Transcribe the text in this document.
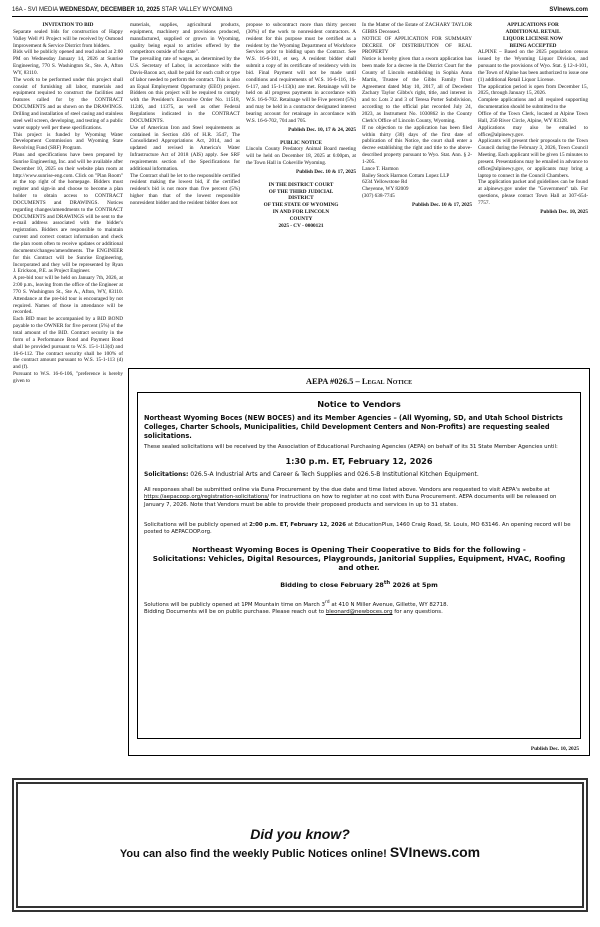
16A - SVI MEDIA WEDNESDAY, DECEMBER 10, 2025 STAR VALLEY WYOMING	SVInews.com

INVITATION TO BID

Separate sealed bids for construction of Happy Valley Well #1 Project will be received by Osmond Improvement & Service District from bidders.

Bids will be publicly opened and read aloud at 2:00 PM on Wednesday January 14, 2026 at Sunrise Engineering, 770 S. Washington St., Ste. A, Afton WY, 83110.

The work to be performed under this project shall consist of furnishing all labor, materials and equipment required to construct the facilities and features called for by the CONTRACT DOCUMENTS and as shown on the DRAWINGS. Drilling and installation of steel casing and stainless steel well screen, developing, and testing of a public water supply well per these specifications.

This project is funded by Wyoming Water Development Commission and Wyoming State Revolving Fund (SRF) Program.

Plans and specifications have been prepared by Sunrise Engineering, Inc. and will be available after December 10, 2025 on their website plan room at http://www.sunrise-eng.com. Click on "Plan Room" at the top right of the homepage. Bidders must register and sign-in and choose to become a plan holder to obtain access to CONTRACT DOCUMENTS and DRAWINGS. Notices regarding changes/amendments to the CONTRACT DOCUMENTS and DRAWINGS will be sent to the e-mail address associated with the bidder's registration. Bidders are responsible to maintain current and correct contact information and check the plan room often to receive updates or additional documents/changes/amendments. The ENGINEER for this Contract will be Sunrise Engineering, Incorporated and they will be represented by Ryan J. Erickson, P.E. as Project Engineer.

A pre-bid tour will be held on January 7th, 2026, at 2:00 p.m., leaving from the office of the Engineer at 770 S. Washington St., Ste A., Afton, WY, 83110. Attendance at the pre-bid tour is encouraged by not required. Names of those in attendance will be recorded.

Each BID must be accompanied by a BID BOND payable to the OWNER for five percent (5%) of the total amount of the BID. Contract security in the form of a Performance Bond and Payment Bond shall be provided pursuant to W.S. 15-1-113(d) and 16-6-112. The contract security shall be 100% of the contract amount pursuant to W.S. 15-1-113 (d) and (f).

Pursuant to W.S. 16-6-106, "preference is hereby given to

materials, supplies, agricultural products, equipment, machinery and provisions produced, manufactured, supplied or grown in Wyoming, quality being equal to articles offered by the competitors outside of the state".

The prevailing rate of wages, as determined by the U.S. Secretary of Labor, in accordance with the Davis-Bacon act, shall be paid for each craft or type of labor needed to perform the contract. This is also an Equal Employment Opportunity (EEO) project. Bidders on this project will be required to comply with the President's Executive Order No. 11518, 11246, and 11375, as well as other Federal Regulations indicated in the CONTRACT DOCUMENTS.

Use of American Iron and Steel requirements as contained in Section 436 of H.R. 3547, The Consolidated Appropriations Act, 2014, and as updated and revised in America's Water Infrastructure Act of 2018 (AIS) apply. See SRF requirements section of the Specifications for additional information.

The Contract shall be let to the responsible certified resident making the lowest bid, if the certified resident's bid is not more than five percent (5%) higher than that of the lowest responsible nonresident bidder and the resident bidder does not

propose to subcontract more than thirty percent (30%) of the work to nonresident contractors. A resident for this purpose must be certified as a resident by the Wyoming Department of Workforce Services prior to bidding upon the Contract. See W.S. 16-6-101, et seq. A resident bidder shall submit a copy of its certificate of residency with its bid. Final Payment will not be made until conditions and requirements of W.S. 16-6-116, 16-6-117, and 15-1-113(h) are met. Retainage will be held on all progress payments in accordance with W.S. 16-6-702. Retainage will be Five percent (5%) and may be held in a contractor designated interest bearing account for retainage in accordance with W.S. 16-6-702, 704 and 705.

Publish Dec. 10, 17 & 24, 2025

PUBLIC NOTICE

Lincoln County Predatory Animal Board meeting will be held on December 18, 2025 at 6:00pm, at the Town Hall in Cokeville Wyoming.

Publish Dec. 10 & 17, 2025

IN THE DISTRICT COURT

OF THE THIRD JUDICIAL

DISTRICT

OF THE STATE OF WYOMING

IN AND FOR LINCOLN

COUNTY

2025 - CV - 0000121

In the Matter of the Estate of ZACHARY TAYLOR GIBBS Deceased.

NOTICE OF APPLICATION FOR SUMMARY DECREE OF DISTRIBUTION OF REAL PROPERTY

Notice is hereby given that a sworn application has been made for a decree in the District Court for the County of Lincoln establishing in Sophia Anna Martin, Trustee of the Gibbs Family Trust Agreement dated May 10, 2017, all of Decedent Zachary Taylor Gibbs's right, title, and interest in and to: Lots 2 and 3 of Teresa Porter Subdivision, according to the official plat recorded July 24, 2023, as Instrument No. 1030862 in the County Clerk's Office of Lincoln County, Wyoming.

If no objection to the application has been filed within thirty (30) days of the first date of publication of this Notice, the court shall enter a decree establishing the right and title to the above-described property pursuant to Wyo. Stat. Ann. § 2-1-205.

Lance T. Harmon

Bailey Stock Harmon Cottam Lopez LLP

6234 Yellowstone Rd

Cheyenne, WY 82009

(307) 638-7745

Publish Dec. 10 & 17, 2025

APPLICATIONS FOR

ADDITIONAL RETAIL

LIQUOR LICENSE NOW

BEING ACCEPTED

ALPINE – Based on the 2025 population census issued by the Wyoming Liquor Division, and pursuant to the provisions of Wyo. Stat. § 12-4-101, the Town of Alpine has been authorized to issue one (1) additional Retail Liquor License.

The application period is open from December 15, 2025, through January 15, 2026.

Complete applications and all required supporting documentation should be submitted to the

Office of the Town Clerk, located at Alpine Town Hall, 250 River Circle, Alpine, WY 83128.

Applications may also be emailed to office@alpinewy.gov.

Applicants will present their proposals to the Town Council during the February 3, 2026, Town Council Meeting. Each applicant will be given 15 minutes to present. Presentations may be emailed in advance to office@alpinewy.gov, or applicants may bring a laptop to connect in the Council Chambers.

The application packet and guidelines can be found at alpinewy.gov under the "Government" tab. For questions, please contact Town Hall at 307-654-7757.

Publish Dec. 10, 2025

AEPA #026.5 – Legal Notice

Notice to Vendors

Northeast Wyoming Boces (NEW BOCES) and its Member Agencies – (All Wyoming, SD, and Utah School Districts Colleges, Charter Schools, Municipalities, Child Development Centers and Non-Profits) are requesting sealed solicitations.

These sealed solicitations will be received by the Association of Educational Purchasing Agencies (AEPA) on behalf of its 31 State Member Agencies until:

1:30 p.m. ET, February 12, 2026

Solicitations: 026.5-A Industrial Arts and Career & Tech Supplies and 026.5-B Institutional Kitchen Equipment.

All responses shall be submitted online via Euna Procurement by the due date and time listed above. Vendors are requested to visit AEPA's website at https://aepacoop.org/registration-solicitations/ for instructions on how to register at no cost with Euna Procurement. AEPA documents will be released on January 7, 2026. Note that Vendors must be able to provide their proposed products and services in up to 31 states.

Solicitations will be publicly opened at 2:00 p.m. ET, February 12, 2026 at EducationPlus, 1460 Craig Road, St. Louis, MO 63146. An opening record will be posted to AEPACOOP.org.

Northeast Wyoming Boces is Opening Their Cooperative to Bids for the following -
Solicitations: Vehicles, Digital Resources, Playgrounds, Janitorial Supplies, Equipment, HVAC, Roofing and other.

Bidding to close February 28th 2026 at 5pm

Solutions will be publicly opened at 1PM Mountain time on March 3rd at 410 N Miller Avenue, Gillette, WY 82718.

Bidding Documents will be on public purchase. Please reach out to bleonard@newboces.org for any questions.

Publish Dec. 10, 2025
Did you know?
You can also find the weekly Public Notices online! SVInews.com
